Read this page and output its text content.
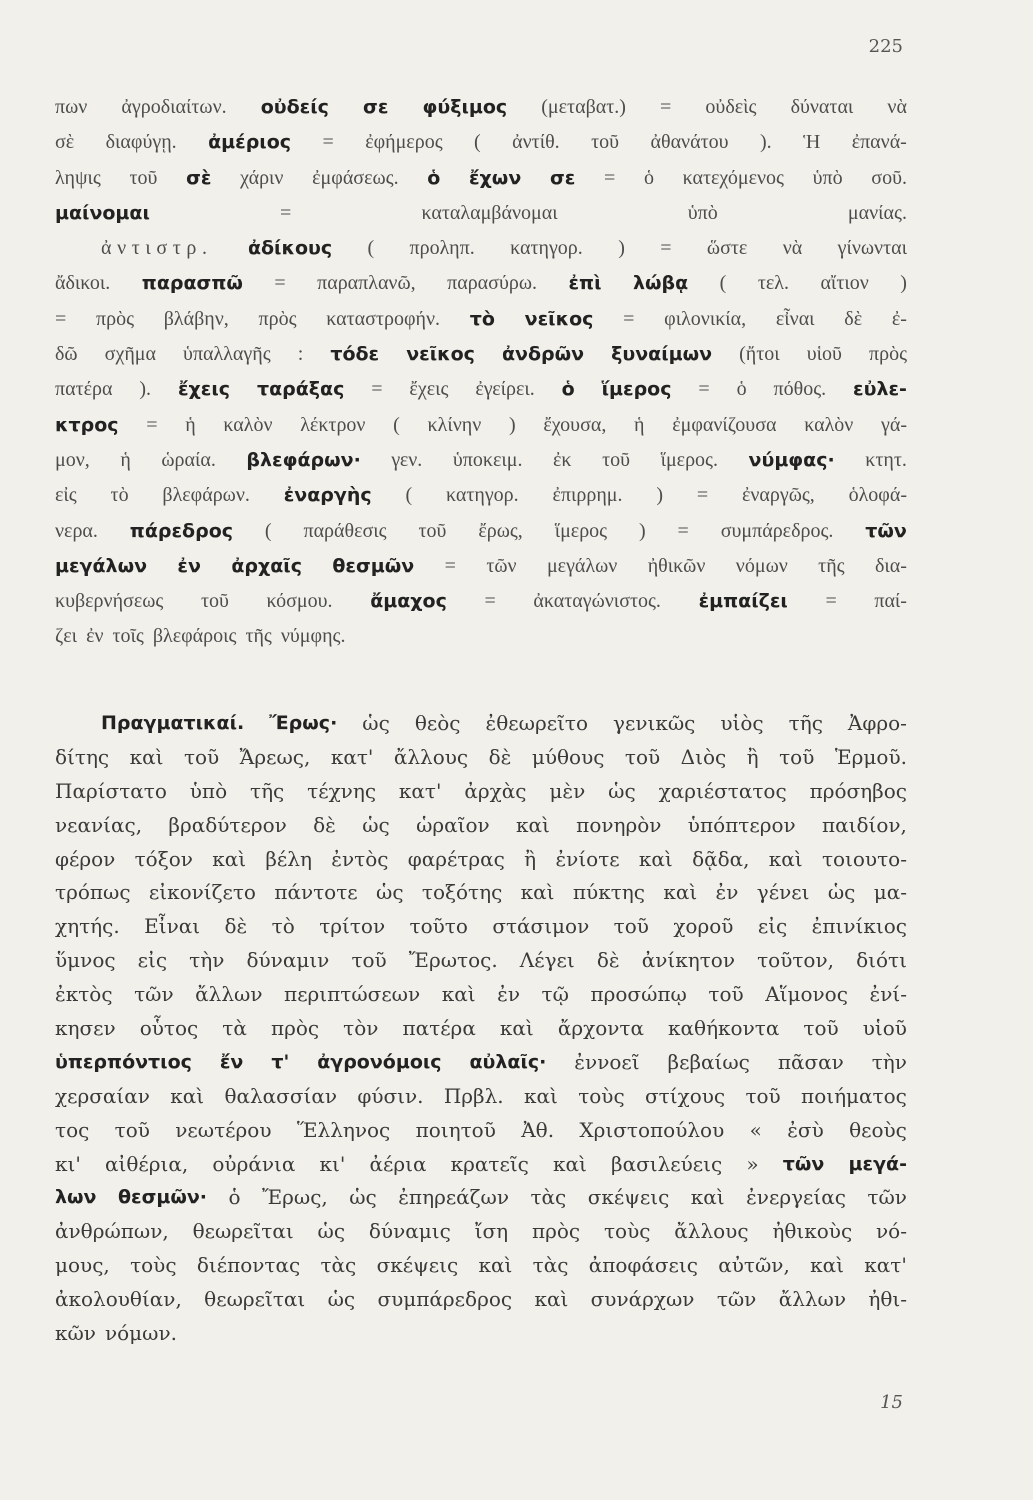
225
πων ἀγροδιαίτων. οὐδείς σε φύξιμος (μεταβατ.) = οὐδεὶς δύναται νὰ
σὲ διαφύγῃ. ἀμέριος = ἐφήμερος ( ἀντίθ. τοῦ ἀθανάτου ). Ἡ ἐπανά-
ληψις τοῦ σὲ χάριν ἐμφάσεως. ὁ ἔχων σε = ὁ κατεχόμενος ὑπὸ σοῦ.
μαίνομαι	=	καταλαμβάνομαι	ὑπὸ	μανίας.
ἀντιστρ. ἀδίκους ( προληπ. κατηγορ. ) = ὥστε νὰ γίνωνται
ἄδικοι. παρασπῶ = παραπλανῶ, παρασύρω. ἐπὶ λώβᾳ ( τελ. αἴτιον )
= πρὸς βλάβην, πρὸς καταστροφήν. τὸ νεῖκος = φιλονικία, εἶναι δὲ ἐ-
δῶ σχῆμα ὑπαλλαγῆς : τόδε νεῖκος ἀνδρῶν ξυναίμων (ἤτοι υἱοῦ πρὸς
πατέρα ). ἔχεις ταράξας = ἔχεις ἐγείρει. ὁ ἵμερος = ὁ πόθος. εὐλε-
κτρος = ἡ καλὸν λέκτρον ( κλίνην ) ἔχουσα, ἡ ἐμφανίζουσα καλὸν γά-
μον, ἡ ὡραία. βλεφάρων· γεν. ὑποκειμ. ἐκ τοῦ ἵμερος. νύμφας· κτητ.
εἰς τὸ βλεφάρων. ἐναργὴς ( κατηγορ. ἐπιρρημ. ) = ἐναργῶς, ὁλοφά-
νερα. πάρεδρος ( παράθεσις τοῦ ἔρως, ἵμερος ) = συμπάρεδρος. τῶν
μεγάλων ἐν ἀρχαῖς θεσμῶν = τῶν μεγάλων ἠθικῶν νόμων τῆς δια-
κυβερνήσεως τοῦ κόσμου. ἄμαχος = ἀκαταγώνιστος. ἐμπαίζει = παί-
ζει ἐν τοῖς βλεφάροις τῆς νύμφης.
Πραγματικαί. Ἔρως· ὡς θεὸς ἐθεωρεῖτο γενικῶς υἱὸς τῆς Ἀφρο-
δίτης καὶ τοῦ Ἄρεως, κατ' ἄλλους δὲ μύθους τοῦ Διὸς ἢ τοῦ Ἑρμοῦ.
Παρίστατο ὑπὸ τῆς τέχνης κατ' ἀρχὰς μὲν ὡς χαριέστατος πρόσηβος
νεανίας, βραδύτερον δὲ ὡς ὡραῖον καὶ πονηρὸν ὑπόπτερον παιδίον,
φέρον τόξον καὶ βέλη ἐντὸς φαρέτρας ἢ ἐνίοτε καὶ δᾷδα, καὶ τοιουτο-
τρόπως εἰκονίζετο πάντοτε ὡς τοξότης καὶ πύκτης καὶ ἐν γένει ὡς μα-
χητής. Εἶναι δὲ τὸ τρίτον τοῦτο στάσιμον τοῦ χοροῦ εἰς ἐπινίκιος
ὕμνος εἰς τὴν δύναμιν τοῦ Ἔρωτος. Λέγει δὲ ἀνίκητον τοῦτον, διότι
ἐκτὸς τῶν ἄλλων περιπτώσεων καὶ ἐν τῷ προσώπῳ τοῦ Αἵμονος ἐνί-
κησεν οὗτος τὰ πρὸς τὸν πατέρα καὶ ἄρχοντα καθήκοντα τοῦ υἱοῦ
ὑπερπόντιος ἔν τ' ἀγρονόμοις αὐλαῖς· ἐννοεῖ βεβαίως πᾶσαν τὴν
χερσαίαν καὶ θαλασσίαν φύσιν. Πρβλ. καὶ τοὺς στίχους τοῦ ποιήματος
τος τοῦ νεωτέρου Ἕλληνος ποιητοῦ Ἀθ. Χριστοπούλου « ἐσὺ θεοὺς
κι' αἰθέρια, οὐράνια κι' ἀέρια κρατεῖς καὶ βασιλεύεις » τῶν μεγά-
λων θεσμῶν· ὁ Ἔρως, ὡς ἐπηρεάζων τὰς σκέψεις καὶ ἐνεργείας τῶν
ἀνθρώπων, θεωρεῖται ὡς δύναμις ἴση πρὸς τοὺς ἄλλους ἠθικοὺς νό-
μους, τοὺς διέποντας τὰς σκέψεις καὶ τὰς ἀποφάσεις αὐτῶν, καὶ κατ'
ἀκολουθίαν, θεωρεῖται ὡς συμπάρεδρος καὶ συνάρχων τῶν ἄλλων ἠθι-
κῶν νόμων.
15
